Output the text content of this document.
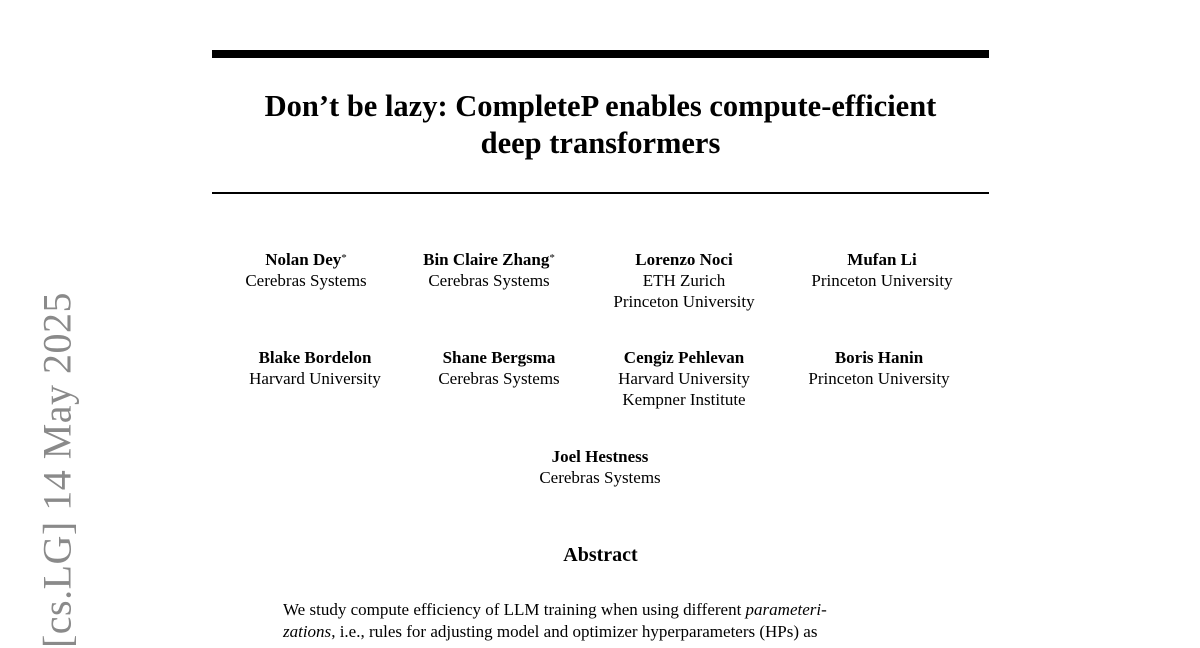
[cs.LG] 14 May 2025
Don’t be lazy: CompleteP enables compute-efficient
deep transformers
Nolan Dey*
Cerebras Systems
Bin Claire Zhang*
Cerebras Systems
Lorenzo Noci
ETH Zurich
Princeton University
Mufan Li
Princeton University
Blake Bordelon
Harvard University
Shane Bergsma
Cerebras Systems
Cengiz Pehlevan
Harvard University
Kempner Institute
Boris Hanin
Princeton University
Joel Hestness
Cerebras Systems
Abstract
We study compute efficiency of LLM training when using different parameteri-
zations, i.e., rules for adjusting model and optimizer hyperparameters (HPs) as
